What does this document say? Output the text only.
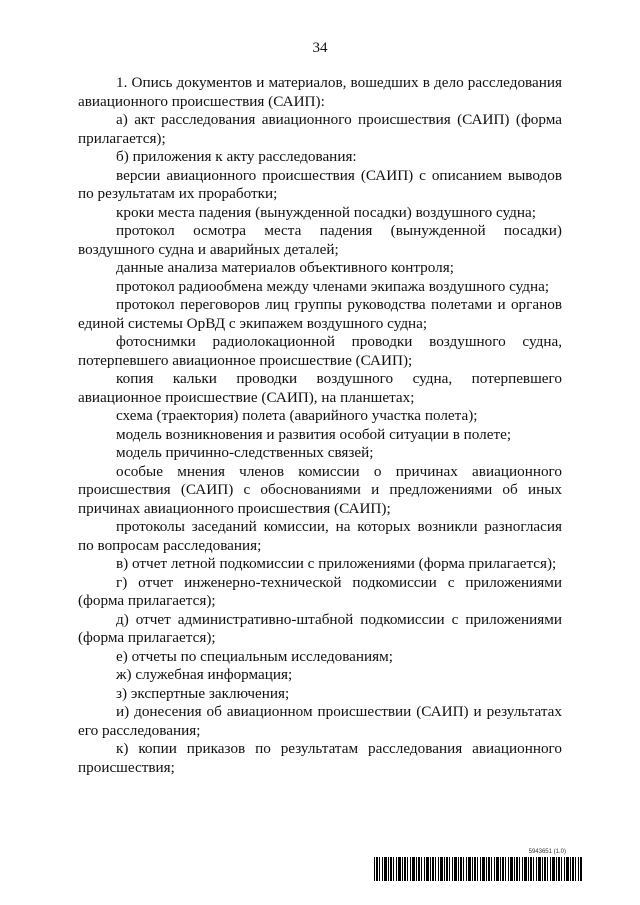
34

1. Опись документов и материалов, вошедших в дело расследования авиационного происшествия (САИП):

а) акт расследования авиационного происшествия (САИП) (форма прилагается);

б) приложения к акту расследования:

версии авиационного происшествия (САИП) с описанием выводов по результатам их проработки;

кроки места падения (вынужденной посадки) воздушного судна;

протокол осмотра места падения (вынужденной посадки) воздушного судна и аварийных деталей;

данные анализа материалов объективного контроля;

протокол радиообмена между членами экипажа воздушного судна;

протокол переговоров лиц группы руководства полетами и органов единой системы ОрВД с экипажем воздушного судна;

фотоснимки радиолокационной проводки воздушного судна, потерпевшего авиационное происшествие (САИП);

копия кальки проводки воздушного судна, потерпевшего авиационное происшествие (САИП), на планшетах;

схема (траектория) полета (аварийного участка полета);

модель возникновения и развития особой ситуации в полете;

модель причинно-следственных связей;

особые мнения членов комиссии о причинах авиационного происшествия (САИП) с обоснованиями и предложениями об иных причинах авиационного происшествия (САИП);

протоколы заседаний комиссии, на которых возникли разногласия по вопросам расследования;

в) отчет летной подкомиссии с приложениями (форма прилагается);

г) отчет инженерно-технической подкомиссии с приложениями (форма прилагается);

д) отчет административно-штабной подкомиссии с приложениями (форма прилагается);

е) отчеты по специальным исследованиям;

ж) служебная информация;

з) экспертные заключения;

и) донесения об авиационном происшествии (САИП) и результатах его расследования;

к) копии приказов по результатам расследования авиационного происшествия;

5943651 (1.0)
